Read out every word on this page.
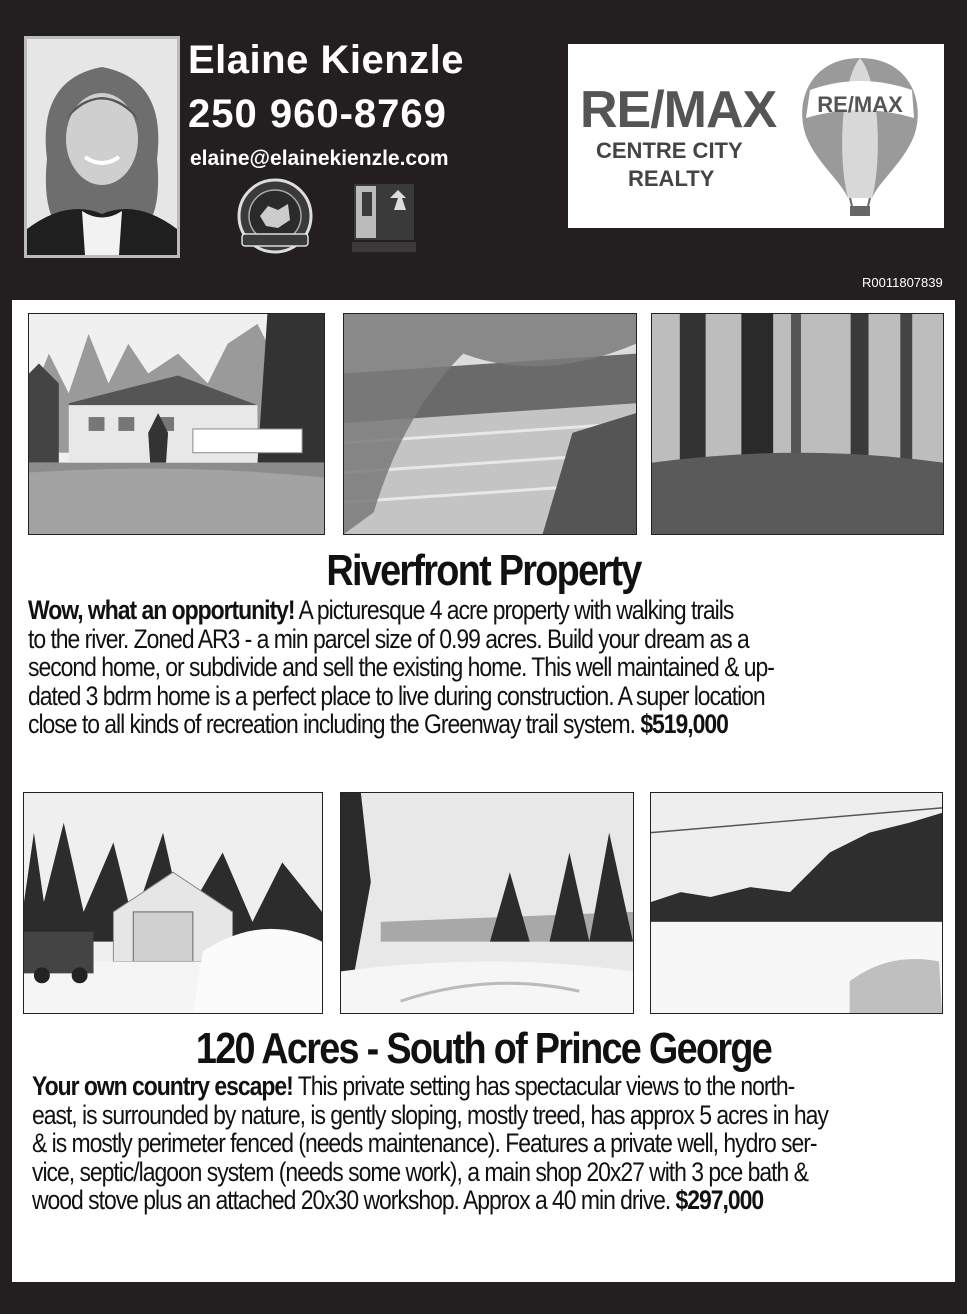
Elaine Kienzle
250 960-8769
elaine@elainekienzle.com
RE/MAX
CENTRE CITY
REALTY
RE/MAX
R0011807839
Riverfront Property
Wow, what an opportunity! A picturesque 4 acre property with walking trails
to the river. Zoned AR3 - a min parcel size of 0.99 acres. Build your dream as a
second home, or subdivide and sell the existing home. This well maintained & up-
dated 3 bdrm home is a perfect place to live during construction. A super location
close to all kinds of recreation including the Greenway trail system. $519,000
120 Acres - South of Prince George
Your own country escape! This private setting has spectacular views to the north-
east, is surrounded by nature, is gently sloping, mostly treed, has approx 5 acres in hay
& is mostly perimeter fenced (needs maintenance). Features a private well, hydro ser-
vice, septic/lagoon system (needs some work), a main shop 20x27 with 3 pce bath &
wood stove plus an attached 20x30 workshop. Approx a 40 min drive. $297,000
